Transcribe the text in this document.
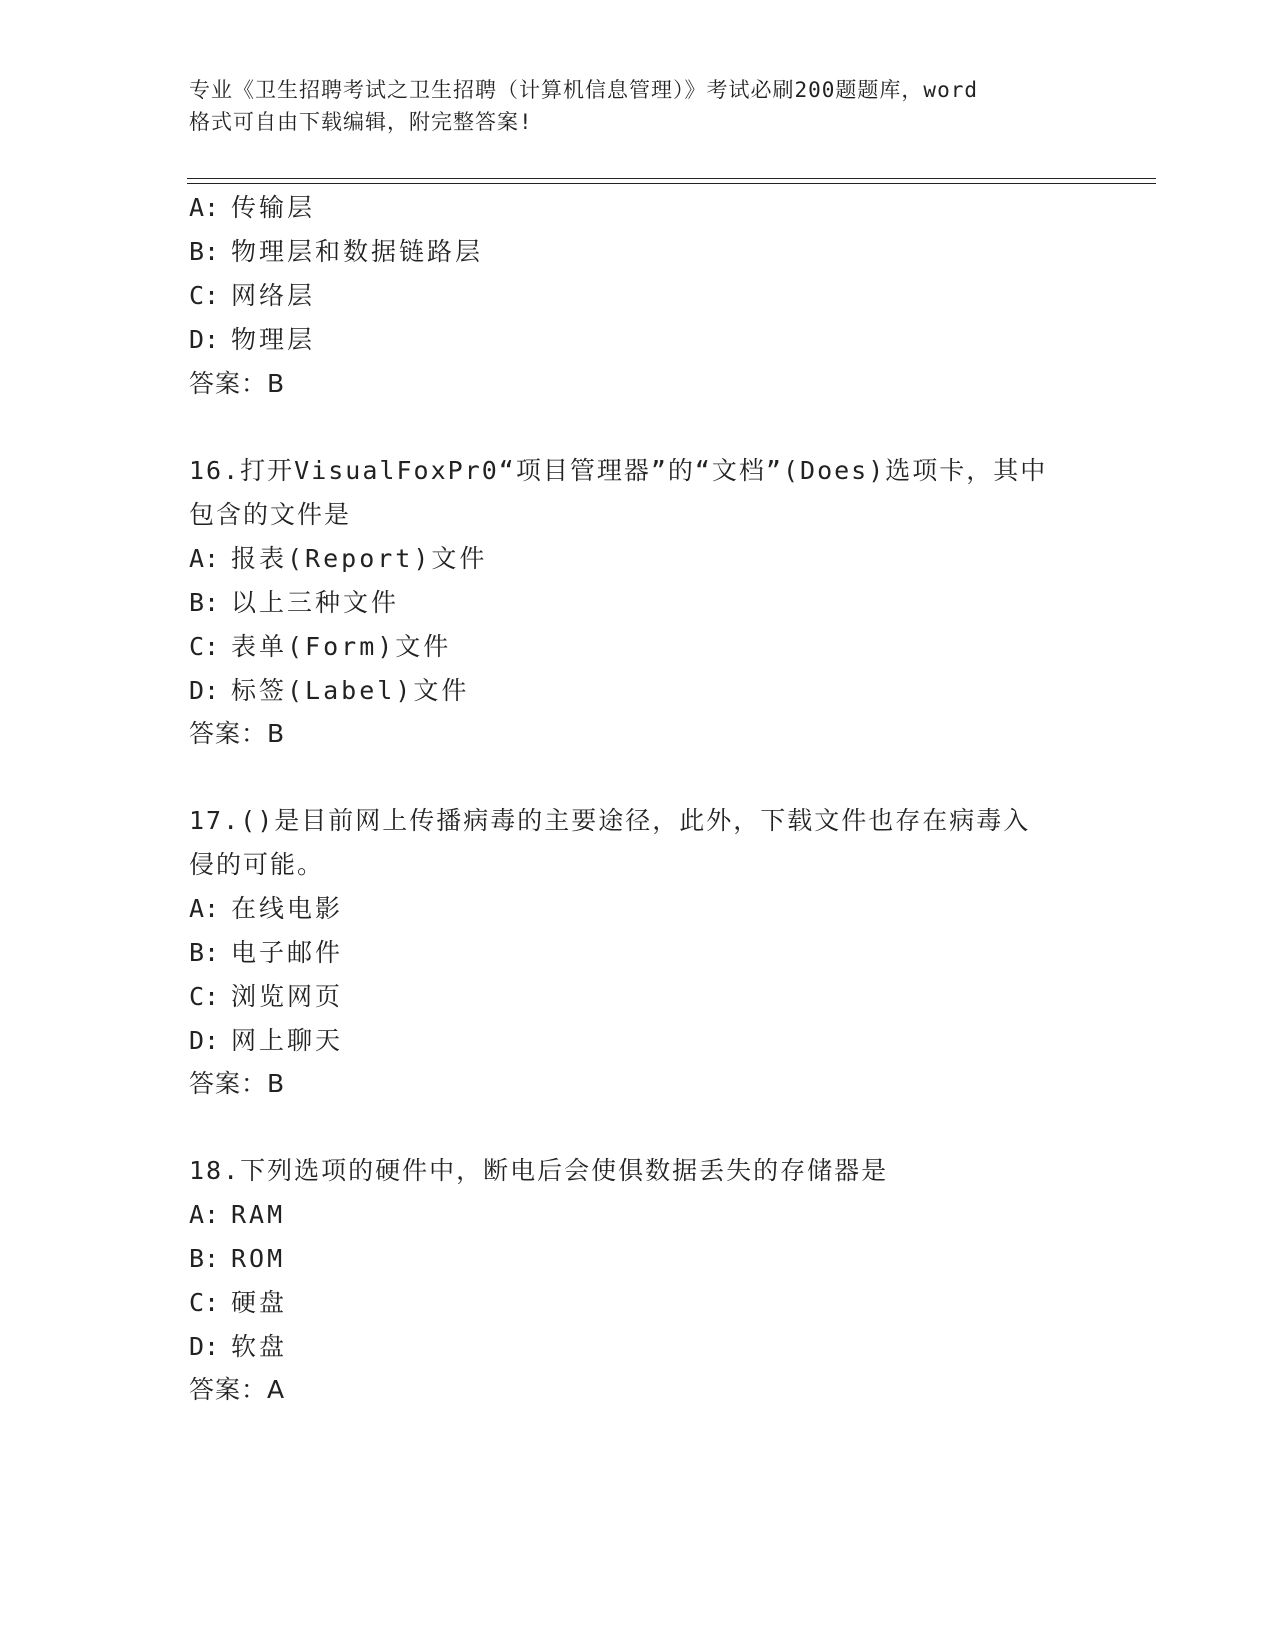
专业《卫生招聘考试之卫生招聘（计算机信息管理）》考试必刷200题题库，word
格式可自由下载编辑，附完整答案!
A: 传输层
B: 物理层和数据链路层
C: 网络层
D: 物理层
答案：B
16.打开VisualFoxPr0“项目管理器”的“文档”(Does)选项卡，其中
包含的文件是
A: 报表(Report)文件
B: 以上三种文件
C: 表单(Form)文件
D: 标签(Label)文件
答案：B
17.()是目前网上传播病毒的主要途径，此外，下载文件也存在病毒入
侵的可能。
A: 在线电影
B: 电子邮件
C: 浏览网页
D: 网上聊天
答案：B
18.下列选项的硬件中，断电后会使俱数据丢失的存储器是
A: RAM
B: ROM
C: 硬盘
D: 软盘
答案：A
